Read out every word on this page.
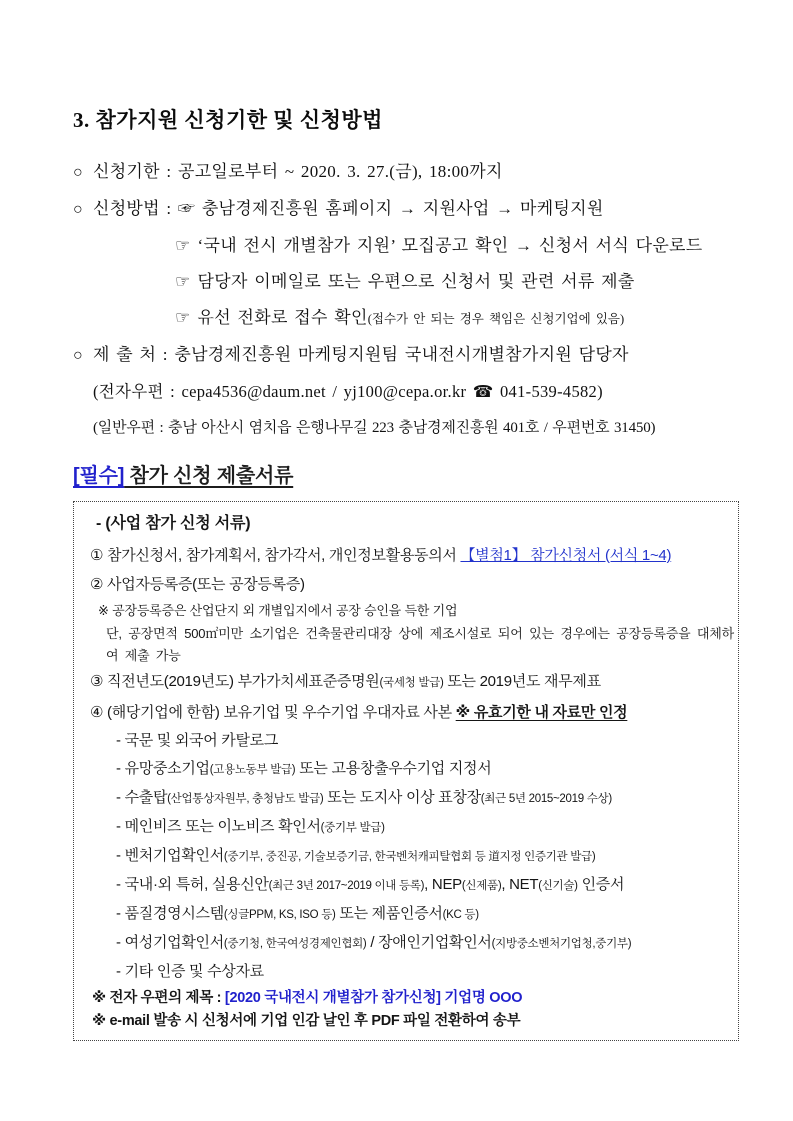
3. 참가지원 신청기한 및 신청방법
○ 신청기한 : 공고일로부터 ~ 2020. 3. 27.(금), 18:00까지
○ 신청방법 : ☞ 충남경제진흥원 홈페이지 → 지원사업 → 마케팅지원
☞ ‘국내 전시 개별참가 지원’ 모집공고 확인 → 신청서 서식 다운로드
☞ 담당자 이메일로 또는 우편으로 신청서 및 관련 서류 제출
☞ 유선 전화로 접수 확인(접수가 안 되는 경우 책임은 신청기업에 있음)
○ 제 출 처 : 충남경제진흥원 마케팅지원팀 국내전시개별참가지원 담당자
(전자우편 : cepa4536@daum.net / yj100@cepa.or.kr ☎ 041-539-4582)
(일반우편 : 충남 아산시 염치읍 은행나무길 223 충남경제진흥원 401호 / 우편번호 31450)
[필수] 참가 신청 제출서류
- (사업 참가 신청 서류)
① 참가신청서, 참가계획서, 참가각서, 개인정보활용동의서 【별첨1】 참가신청서 (서식 1~4)
② 사업자등록증(또는 공장등록증)
※ 공장등록증은 산업단지 외 개별입지에서 공장 승인을 득한 기업
단, 공장면적 500㎡미만 소기업은 건축물관리대장 상에 제조시설로 되어 있는 경우에는 공장등록증을 대체하여 제출 가능
③ 직전년도(2019년도) 부가가치세표준증명원(국세청 발급) 또는 2019년도 재무제표
④ (해당기업에 한함) 보유기업 및 우수기업 우대자료 사본 ※ 유효기한 내 자료만 인정
- 국문 및 외국어 카탈로그
- 유망중소기업(고용노동부 발급) 또는 고용창출우수기업 지정서
- 수출탑(산업통상자원부, 충청남도 발급) 또는 도지사 이상 표창장(최근 5년 2015~2019 수상)
- 메인비즈 또는 이노비즈 확인서(중기부 발급)
- 벤처기업확인서(중기부, 중진공, 기술보증기금, 한국벤처캐피탈협회 등 道지정 인증기관 발급)
- 국내·외 특허, 실용신안(최근 3년 2017~2019 이내 등록), NEP(신제품), NET(신기술) 인증서
- 품질경영시스템(싱글PPM, KS, ISO 등) 또는 제품인증서(KC 등)
- 여성기업확인서(중기청, 한국여성경제인협회) / 장애인기업확인서(지방중소벤처기업청,중기부)
- 기타 인증 및 수상자료
※ 전자 우편의 제목 : [2020 국내전시 개별참가 참가신청] 기업명 OOO
※ e-mail 발송 시 신청서에 기업 인감 날인 후 PDF 파일 전환하여 송부
